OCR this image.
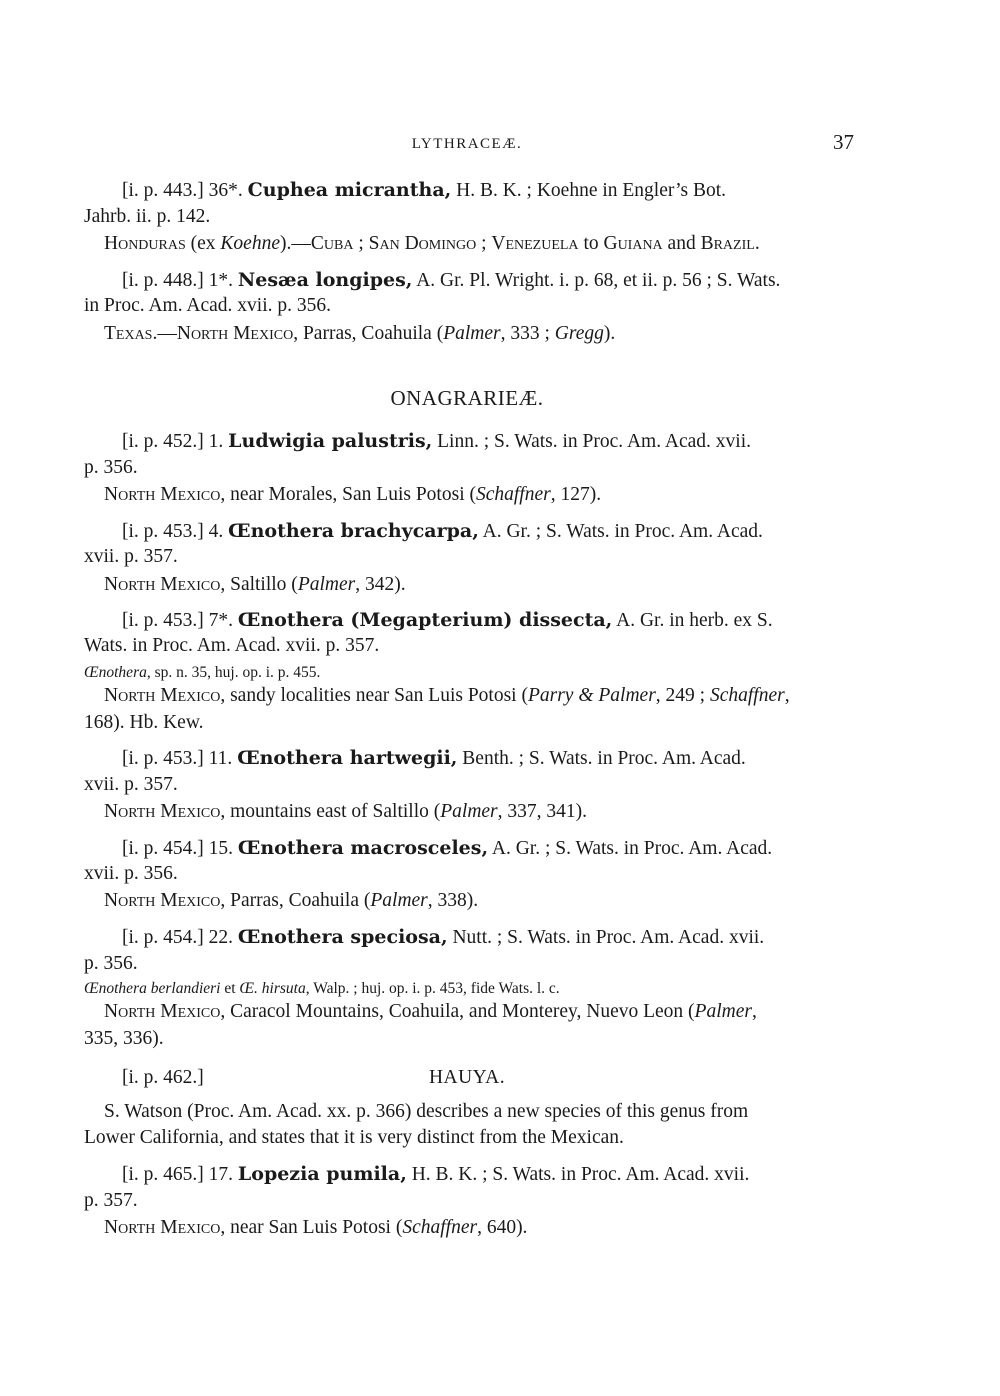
LYTHRACEÆ.	37
[i. p. 443.] 36*. Cuphea micrantha, H. B. K. ; Koehne in Engler’s Bot.
Jahrb. ii. p. 142.
Honduras (ex Koehne).—Cuba ; San Domingo ; Venezuela to Guiana and Brazil.
[i. p. 448.] 1*. Nesæa longipes, A. Gr. Pl. Wright. i. p. 68, et ii. p. 56 ; S. Wats.
in Proc. Am. Acad. xvii. p. 356.
Texas.—North Mexico, Parras, Coahuila (Palmer, 333 ; Gregg).
ONAGRARIEÆ.
[i. p. 452.] 1. Ludwigia palustris, Linn. ; S. Wats. in Proc. Am. Acad. xvii.
p. 356.
North Mexico, near Morales, San Luis Potosi (Schaffner, 127).
[i. p. 453.] 4. Œnothera brachycarpa, A. Gr. ; S. Wats. in Proc. Am. Acad.
xvii. p. 357.
North Mexico, Saltillo (Palmer, 342).
[i. p. 453.] 7*. Œnothera (Megapterium) dissecta, A. Gr. in herb. ex S.
Wats. in Proc. Am. Acad. xvii. p. 357.
Œnothera, sp. n. 35, huj. op. i. p. 455.
North Mexico, sandy localities near San Luis Potosi (Parry & Palmer, 249 ; Schaffner,
168). Hb. Kew.
[i. p. 453.] 11. Œnothera hartwegii, Benth. ; S. Wats. in Proc. Am. Acad.
xvii. p. 357.
North Mexico, mountains east of Saltillo (Palmer, 337, 341).
[i. p. 454.] 15. Œnothera macrosceles, A. Gr. ; S. Wats. in Proc. Am. Acad.
xvii. p. 356.
North Mexico, Parras, Coahuila (Palmer, 338).
[i. p. 454.] 22. Œnothera speciosa, Nutt. ; S. Wats. in Proc. Am. Acad. xvii.
p. 356.
Œnothera berlandieri et Œ. hirsuta, Walp. ; huj. op. i. p. 453, fide Wats. l. c.
North Mexico, Caracol Mountains, Coahuila, and Monterey, Nuevo Leon (Palmer,
335, 336).
[i. p. 462.]	HAUYA.
S. Watson (Proc. Am. Acad. xx. p. 366) describes a new species of this genus from
Lower California, and states that it is very distinct from the Mexican.
[i. p. 465.] 17. Lopezia pumila, H. B. K. ; S. Wats. in Proc. Am. Acad. xvii.
p. 357.
North Mexico, near San Luis Potosi (Schaffner, 640).
